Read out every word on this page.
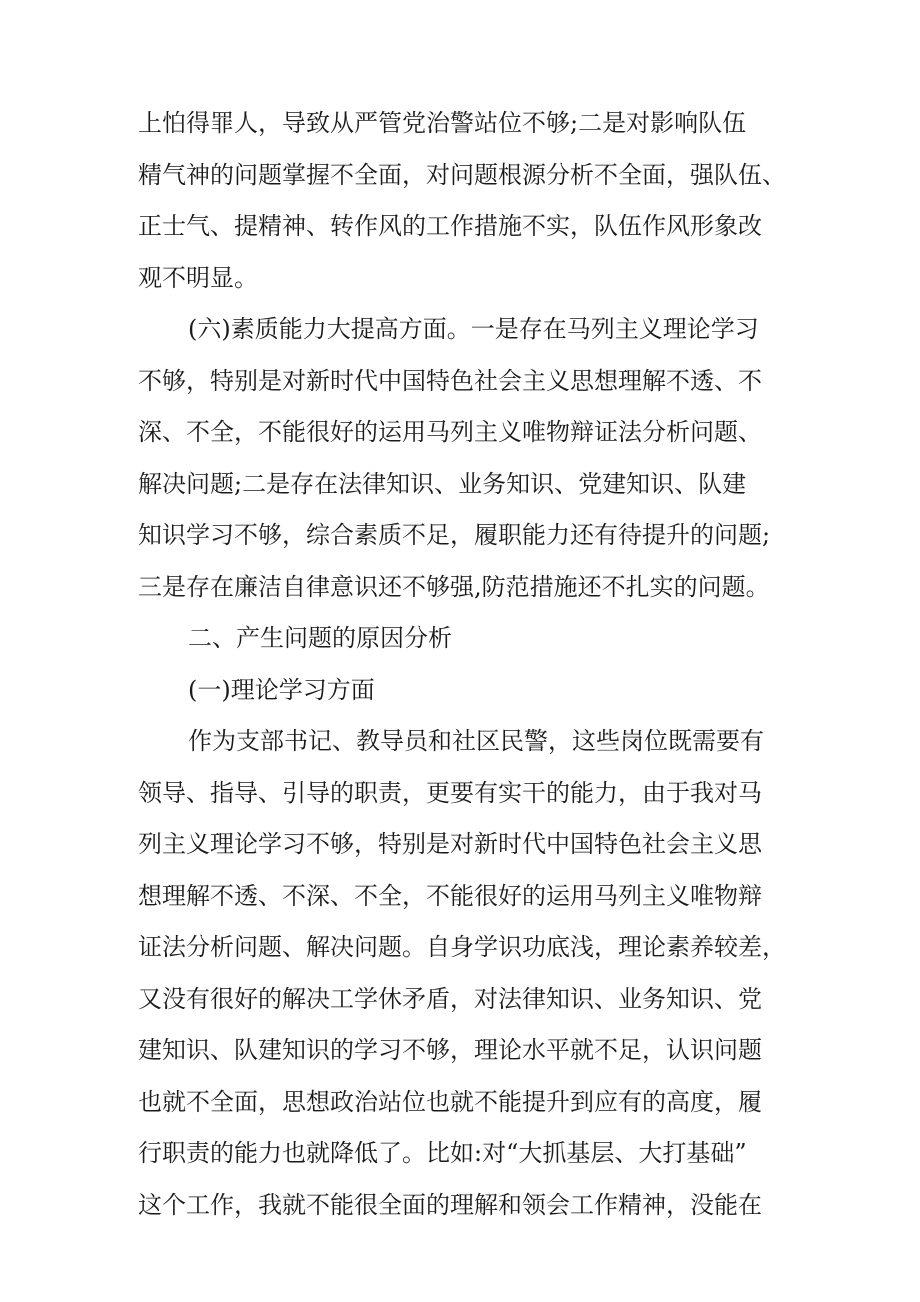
上怕得罪人，导致从严管党治警站位不够;二是对影响队伍
精气神的问题掌握不全面，对问题根源分析不全面，强队伍、
正士气、提精神、转作风的工作措施不实，队伍作风形象改
观不明显。
(六)素质能力大提高方面。一是存在马列主义理论学习
不够，特别是对新时代中国特色社会主义思想理解不透、不
深、不全，不能很好的运用马列主义唯物辩证法分析问题、
解决问题;二是存在法律知识、业务知识、党建知识、队建
知识学习不够，综合素质不足，履职能力还有待提升的问题;
三是存在廉洁自律意识还不够强,防范措施还不扎实的问题。
二、产生问题的原因分析
(一)理论学习方面
作为支部书记、教导员和社区民警，这些岗位既需要有
领导、指导、引导的职责，更要有实干的能力，由于我对马
列主义理论学习不够，特别是对新时代中国特色社会主义思
想理解不透、不深、不全，不能很好的运用马列主义唯物辩
证法分析问题、解决问题。自身学识功底浅，理论素养较差，
又没有很好的解决工学休矛盾，对法律知识、业务知识、党
建知识、队建知识的学习不够，理论水平就不足，认识问题
也就不全面，思想政治站位也就不能提升到应有的高度，履
行职责的能力也就降低了。比如:对“大抓基层、大打基础”
这个工作，我就不能很全面的理解和领会工作精神，没能在
